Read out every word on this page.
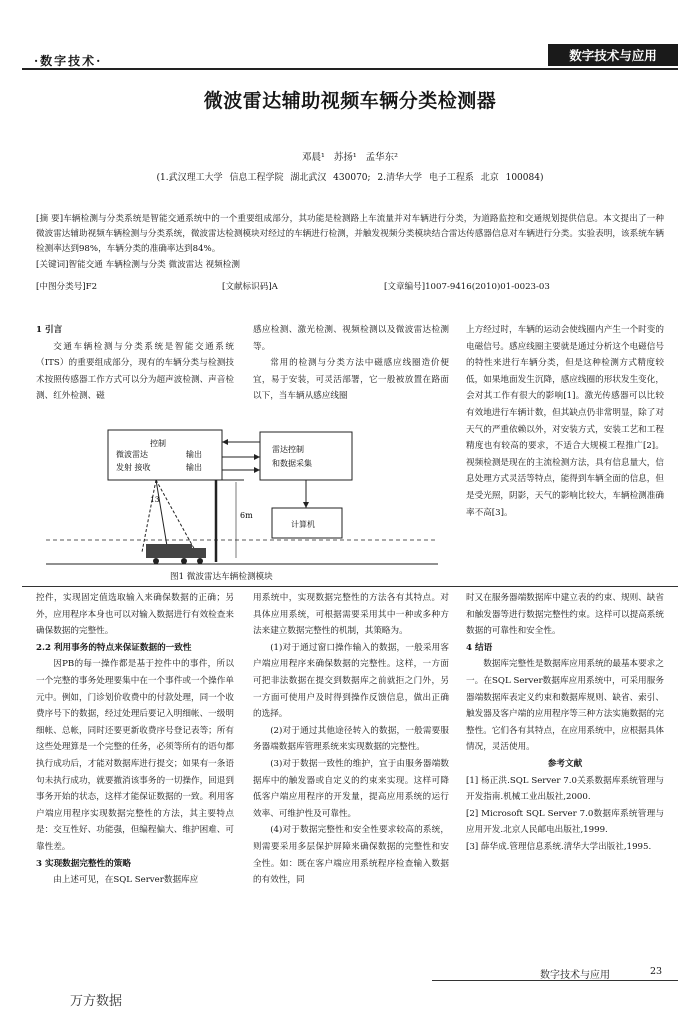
·数字技术·	数字技术与应用
微波雷达辅助视频车辆分类检测器
邓晨¹ 苏扬¹ 孟华东²
(1.武汉理工大学 信息工程学院 湖北武汉 430070; 2.清华大学 电子工程系 北京 100084)
[摘 要]车辆检测与分类系统是智能交通系统中的一个重要组成部分，其功能是检测路上车流量并对车辆进行分类，为道路监控和交通规划提供信息。本文提出了一种微波雷达辅助视频车辆检测与分类系统，微波雷达检测模块对经过的车辆进行检测，并触发视频分类模块结合雷达传感器信息对车辆进行分类。实验表明，该系统车辆检测率达到98%，车辆分类的准确率达到84%。
[关键词]智能交通 车辆检测与分类 微波雷达 视频检测
[中图分类号]F2	[文献标识码]A	[文章编号]1007-9416(2010)01-0023-03
1 引言

交通车辆检测与分类系统是智能交通系统（ITS）的重要组成部分，现有的车辆分类与检测技术按照传感器工作方式可以分为超声波检测、声音检测、红外检测、磁

感应检测、激光检测、视频检测以及微波雷达检测等。

常用的检测与分类方法中磁感应线圈造价便宜，易于安装，可灵活部署，它一般被放置在路面以下，当车辆从感应线圈

上方经过时，车辆的运动会使线圈内产生一个时变的电磁信号。感应线圈主要就是通过分析这个电磁信号的特性来进行车辆分类，但是这种检测方式精度较低，如果地面发生沉降，感应线圈的形状发生变化，会对其工作有很大的影响[1]。激光传感器可以比较有效地进行车辆计数，但其缺点仍非常明显，除了对天气的严重依赖以外，对安装方式，安装工艺和工程精度也有较高的要求，不适合大规模工程推广[2]。视频检测是现在的主流检测方法，具有信息量大，信息处理方式灵活等特点，能得到车辆全面的信息，但是受光照，阴影，天气的影响比较大，车辆检测准确率不高[3]。

控制
微波雷达	输出
发射 接收	输出
雷达控制
和数据采集
计算机
6m
13
图1 微波雷达车辆检测模块

控件，实现固定值选取输入来确保数据的正确；另外，应用程序本身也可以对输入数据进行有效检查来确保数据的完整性。

2.2 利用事务的特点来保证数据的一致性

因PB的每一操作都是基于控件中的事件，所以一个完整的事务处理要集中在一个事件或一个操作单元中。例如，门诊划价收费中的付款处理，同一个收费序号下的数据，经过处理后要记入明细帐、一级明细帐、总帐，同时还要更新收费序号登记表等；所有这些处理算是一个完整的任务，必须等所有的语句都执行成功后，才能对数据库进行提交；如果有一条语句未执行成功，就要撤消该事务的一切操作，回退到事务开始的状态，这样才能保证数据的一致。利用客户端应用程序实现数据完整性的方法，其主要特点是：交互性好、功能强，但编程偏大、维护困难、可靠性差。

3 实现数据完整性的策略

由上述可见，在SQL Server数据库应

用系统中，实现数据完整性的方法各有其特点。对具体应用系统，可根据需要采用其中一种或多种方法来建立数据完整性的机制，其策略为。

(1)对于通过窗口操作输入的数据，一般采用客户端应用程序来确保数据的完整性。这样，一方面可把非法数据在提交到数据库之前就拒之门外，另一方面可使用户及时得到操作反馈信息，做出正确的选择。

(2)对于通过其他途径转入的数据，一般需要服务器端数据库管理系统来实现数据的完整性。

(3)对于数据一致性的维护，宜于由服务器端数据库中的触发器或自定义的约束来实现。这样可降低客户端应用程序的开发量，提高应用系统的运行效率、可维护性及可靠性。

(4)对于数据完整性和安全性要求较高的系统，则需要采用多层保护屏障来确保数据的完整性和安全性。如：既在客户端应用系统程序检查输入数据的有效性，同

时又在服务器端数据库中建立表的约束、规则、缺省和触发器等进行数据完整性约束。这样可以提高系统数据的可靠性和安全性。

4 结语

数据库完整性是数据库应用系统的最基本要求之一。在SQL Server数据库应用系统中，可采用服务器端数据库表定义约束和数据库规则、缺省、索引、触发器及客户端的应用程序等三种方法实施数据的完整性。它们各有其特点，在应用系统中，应根据具体情况，灵活使用。

参考文献

[1] 杨正洪.SQL Server 7.0关系数据库系统管理与开发指南.机械工业出版社,2000.

[2] Microsoft SQL Server 7.0数据库系统管理与应用开发.北京人民邮电出版社,1999.

[3] 薛华成.管理信息系统.清华大学出版社,1995.

数字技术与应用	23
万方数据
